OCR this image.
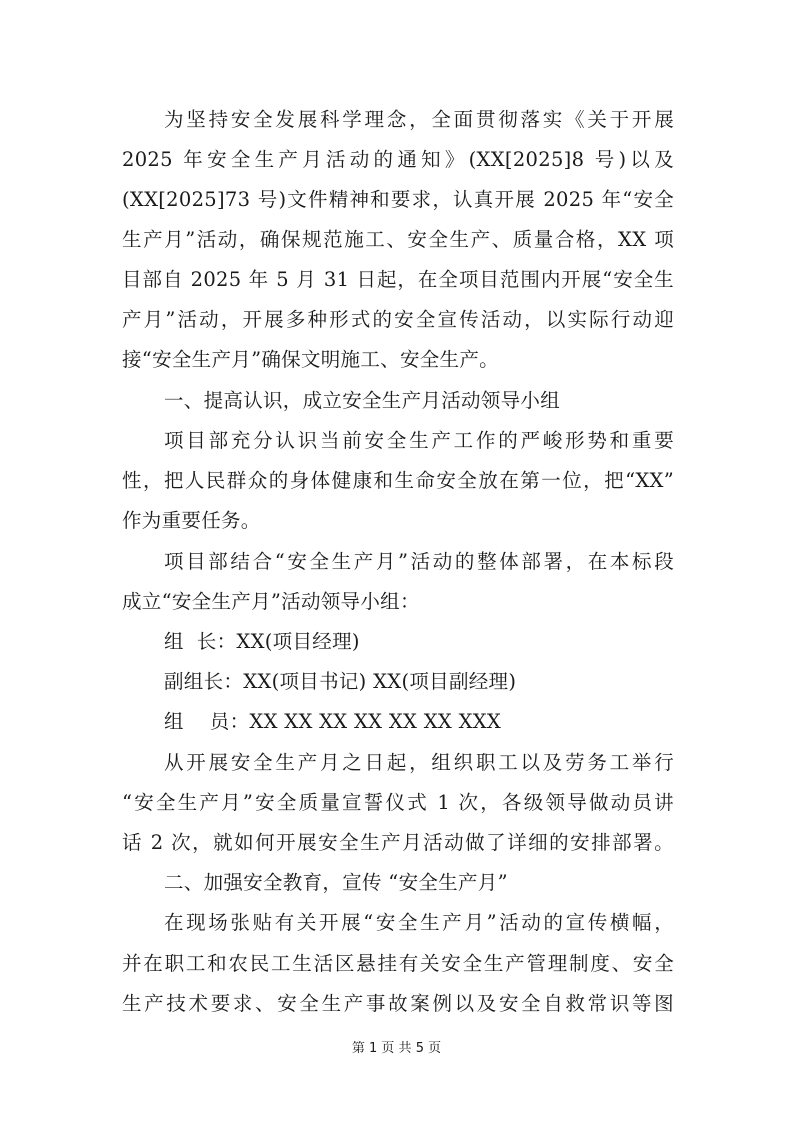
为坚持安全发展科学理念，全面贯彻落实《关于开展
2025 年安全生产月活动的通知》(XX[2025]8 号)以及
(XX[2025]73 号)文件精神和要求，认真开展 2025 年“安全
生产月”活动，确保规范施工、安全生产、质量合格，XX 项
目部自 2025 年 5 月 31 日起，在全项目范围内开展“安全生
产月”活动，开展多种形式的安全宣传活动，以实际行动迎
接“安全生产月”确保文明施工、安全生产。
一、提高认识，成立安全生产月活动领导小组
项目部充分认识当前安全生产工作的严峻形势和重要
性，把人民群众的身体健康和生命安全放在第一位，把“XX”
作为重要任务。
项目部结合“安全生产月”活动的整体部署，在本标段
成立“安全生产月”活动领导小组：
组  长：XX(项目经理)
副组长：XX(项目书记) XX(项目副经理)
组    员：XX XX XX XX XX XX XXX
从开展安全生产月之日起，组织职工以及劳务工举行
“安全生产月”安全质量宣誓仪式 1 次，各级领导做动员讲
话 2 次，就如何开展安全生产月活动做了详细的安排部署。
二、加强安全教育，宣传 “安全生产月”
在现场张贴有关开展“安全生产月”活动的宣传横幅，
并在职工和农民工生活区悬挂有关安全生产管理制度、安全
生产技术要求、安全生产事故案例以及安全自救常识等图
第 1 页 共 5 页
